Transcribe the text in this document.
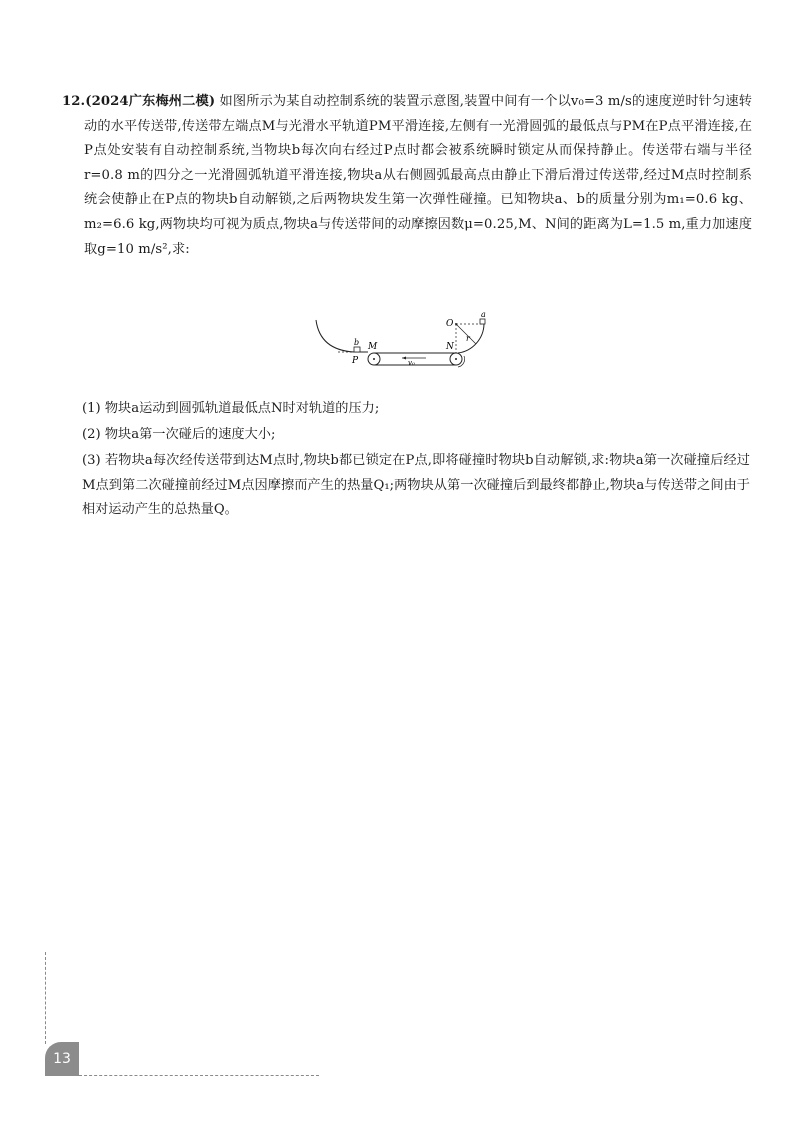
12.(2024广东梅州二模) 如图所示为某自动控制系统的装置示意图,装置中间有一个以v₀=3 m/s的速度逆时针匀速转动的水平传送带,传送带左端点M与光滑水平轨道PM平滑连接,左侧有一光滑圆弧的最低点与PM在P点平滑连接,在P点处安装有自动控制系统,当物块b每次向右经过P点时都会被系统瞬时锁定从而保持静止。传送带右端与半径r=0.8 m的四分之一光滑圆弧轨道平滑连接,物块a从右侧圆弧最高点由静止下滑后滑过传送带,经过M点时控制系统会使静止在P点的物块b自动解锁,之后两物块发生第一次弹性碰撞。已知物块a、b的质量分别为m₁=0.6 kg、m₂=6.6 kg,两物块均可视为质点,物块a与传送带间的动摩擦因数μ=0.25,M、N间的距离为L=1.5 m,重力加速度取g=10 m/s²,求:

b
P
M	N
v₀
O
r
a

(1) 物块a运动到圆弧轨道最低点N时对轨道的压力;

(2) 物块a第一次碰后的速度大小;

(3) 若物块a每次经传送带到达M点时,物块b都已锁定在P点,即将碰撞时物块b自动解锁,求:物块a第一次碰撞后经过M点到第二次碰撞前经过M点因摩擦而产生的热量Q₁;两物块从第一次碰撞后到最终都静止,物块a与传送带之间由于相对运动产生的总热量Q。

13
